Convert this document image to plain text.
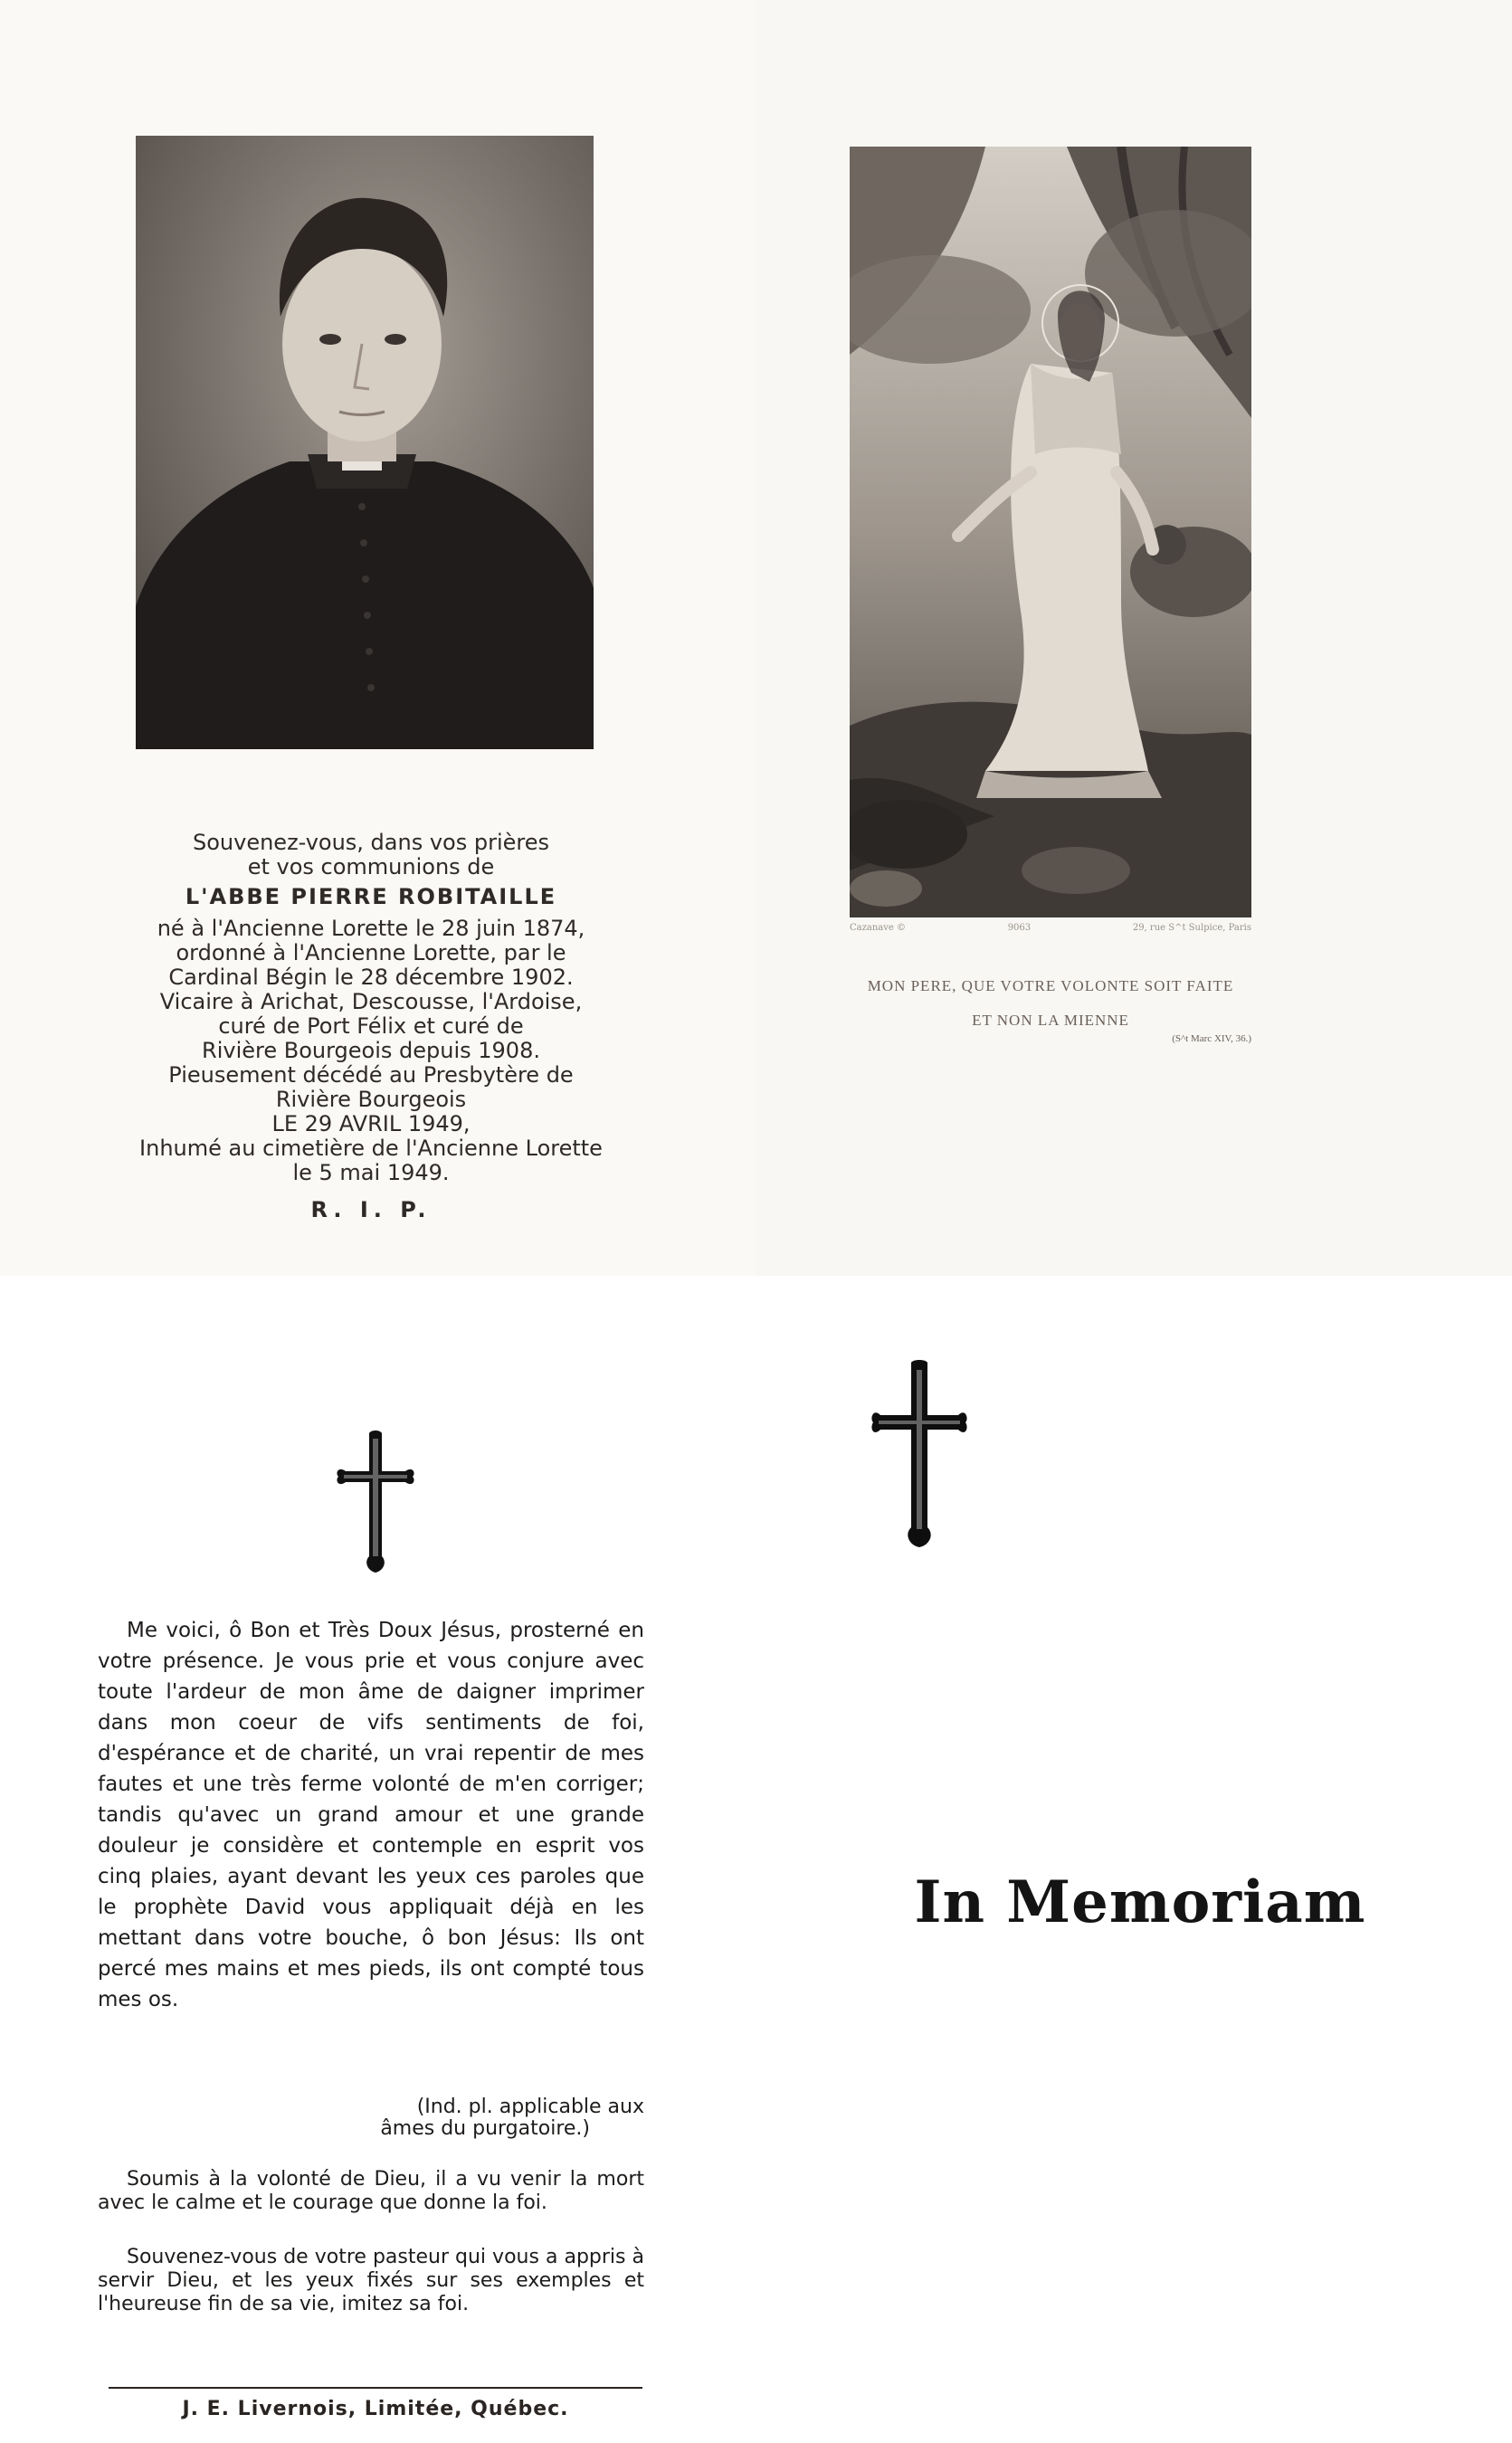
Souvenez-vous, dans vos prières
et vos communions de
L'ABBE PIERRE ROBITAILLE
né à l'Ancienne Lorette le 28 juin 1874,
ordonné à l'Ancienne Lorette, par le
Cardinal Bégin le 28 décembre 1902.
Vicaire à Arichat, Descousse, l'Ardoise,
curé de Port Félix et curé de
Rivière Bourgeois depuis 1908.
Pieusement décédé au Presbytère de
Rivière Bourgeois
LE 29 AVRIL 1949,
Inhumé au cimetière de l'Ancienne Lorette
le 5 mai 1949.
R. I. P.
Cazanave ©	9063	29, rue S^t Sulpice, Paris
MON PERE, QUE VOTRE VOLONTE SOIT FAITE
ET NON LA MIENNE
(S^t Marc XIV, 36.)
Me voici, ô Bon et Très Doux Jésus, prosterné en votre présence. Je vous prie et vous conjure avec toute l'ardeur de mon âme de daigner imprimer dans mon coeur de vifs sentiments de foi, d'espérance et de charité, un vrai repentir de mes fautes et une très ferme volonté de m'en corriger; tandis qu'avec un grand amour et une grande douleur je considère et contemple en esprit vos cinq plaies, ayant devant les yeux ces paroles que le prophète David vous appliquait déjà en les mettant dans votre bouche, ô bon Jésus: Ils ont percé mes mains et mes pieds, ils ont compté tous mes os.
(Ind. pl. applicable aux
âmes du purgatoire.)
Soumis à la volonté de Dieu, il a vu venir la mort avec le calme et le courage que donne la foi.
Souvenez-vous de votre pasteur qui vous a appris à servir Dieu, et les yeux fixés sur ses exemples et l'heureuse fin de sa vie, imitez sa foi.
J. E. Livernois, Limitée, Québec.
In Memoriam
